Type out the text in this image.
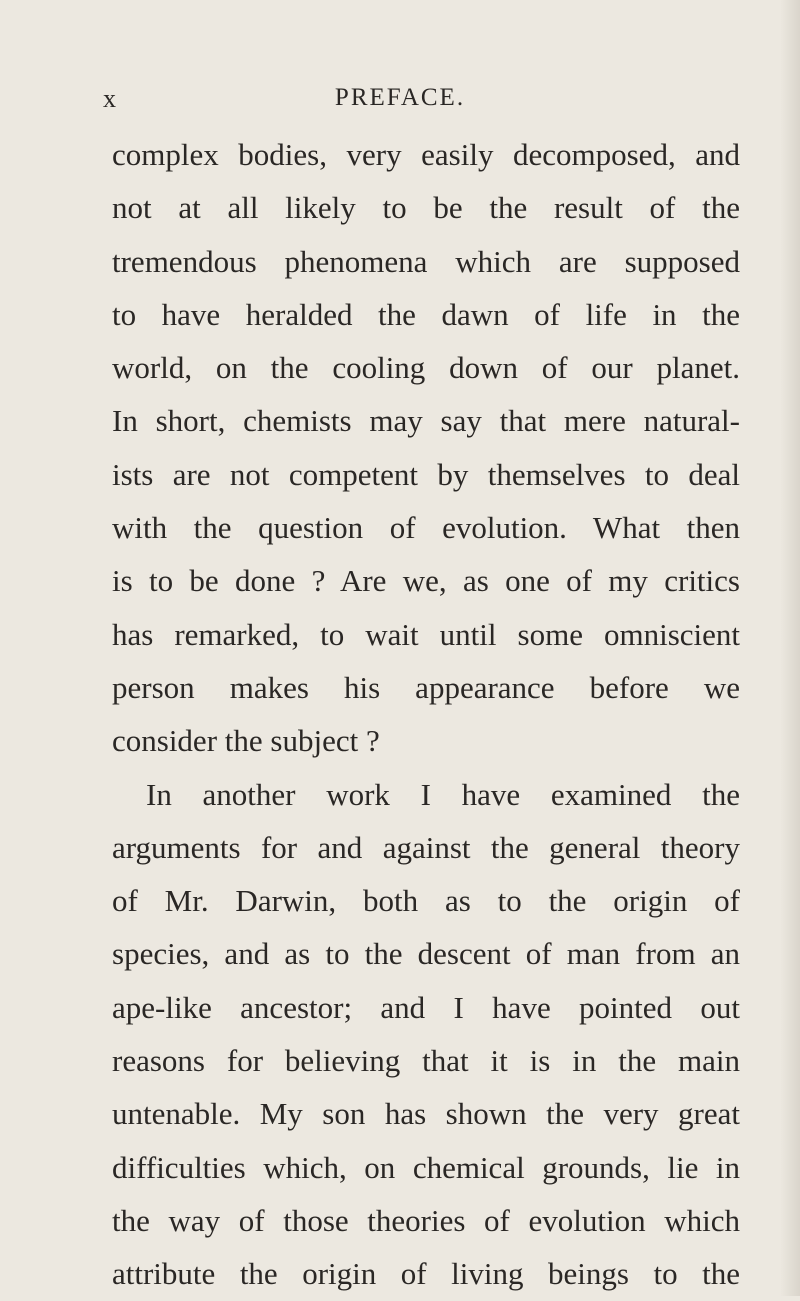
x	PREFACE.
complex bodies, very easily decomposed, and
not at all likely to be the result of the
tremendous phenomena which are supposed
to have heralded the dawn of life in the
world, on the cooling down of our planet.
In short, chemists may say that mere natural-
ists are not competent by themselves to deal
with the question of evolution. What then
is to be done ? Are we, as one of my critics
has remarked, to wait until some omniscient
person makes his appearance before we
consider the subject ?
In another work I have examined the
arguments for and against the general theory
of Mr. Darwin, both as to the origin of
species, and as to the descent of man from an
ape-like ancestor; and I have pointed out
reasons for believing that it is in the main
untenable. My son has shown the very great
difficulties which, on chemical grounds, lie in
the way of those theories of evolution which
attribute the origin of living beings to the
